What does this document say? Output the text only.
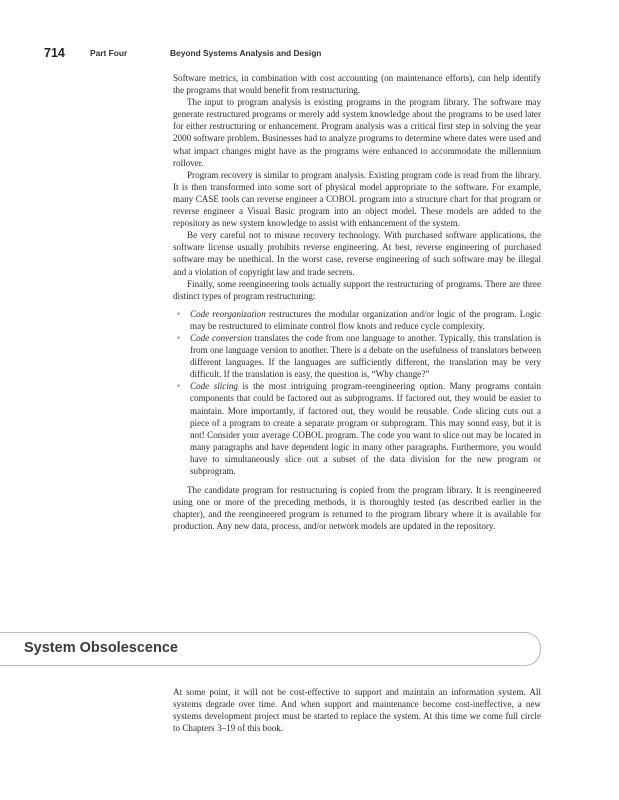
714	Part Four	Beyond Systems Analysis and Design

Software metrics, in combination with cost accounting (on maintenance efforts), can help identify the programs that would benefit from restructuring.

The input to program analysis is existing programs in the program library. The software may generate restructured programs or merely add system knowledge about the programs to be used later for either restructuring or enhancement. Program analysis was a critical first step in solving the year 2000 software problem. Businesses had to analyze programs to determine where dates were used and what impact changes might have as the programs were enhanced to accommodate the millennium rollover.

Program recovery is similar to program analysis. Existing program code is read from the library. It is then transformed into some sort of physical model appropriate to the software. For example, many CASE tools can reverse engineer a COBOL program into a structure chart for that program or reverse engineer a Visual Basic program into an object model. These models are added to the repository as new system knowledge to assist with enhancement of the system.

Be very careful not to misuse recovery technology. With purchased software applications, the software license usually prohibits reverse engineering. At best, reverse engineering of purchased software may be unethical. In the worst case, reverse engineering of such software may be illegal and a violation of copyright law and trade secrets.

Finally, some reengineering tools actually support the restructuring of programs. There are three distinct types of program restructuring:

• Code reorganization restructures the modular organization and/or logic of the program. Logic may be restructured to eliminate control flow knots and reduce cycle complexity.
• Code conversion translates the code from one language to another. Typically, this translation is from one language version to another. There is a debate on the usefulness of translators between different languages. If the languages are sufficiently different, the translation may be very difficult. If the translation is easy, the question is, “Why change?”
• Code slicing is the most intriguing program-reengineering option. Many programs contain components that could be factored out as subprograms. If factored out, they would be easier to maintain. More importantly, if factored out, they would be reusable. Code slicing cuts out a piece of a program to create a separate program or subprogram. This may sound easy, but it is not! Consider your average COBOL program. The code you want to slice out may be located in many paragraphs and have dependent logic in many other paragraphs. Furthermore, you would have to simultaneously slice out a subset of the data division for the new program or subprogram.

The candidate program for restructuring is copied from the program library. It is reengineered using one or more of the preceding methods, it is thoroughly tested (as described earlier in the chapter), and the reengineered program is returned to the program library where it is available for production. Any new data, process, and/or network models are updated in the repository.

System Obsolescence

At some point, it will not be cost-effective to support and maintain an information system. All systems degrade over time. And when support and maintenance become cost-ineffective, a new systems development project must be started to replace the system. At this time we come full circle to Chapters 3–19 of this book.
